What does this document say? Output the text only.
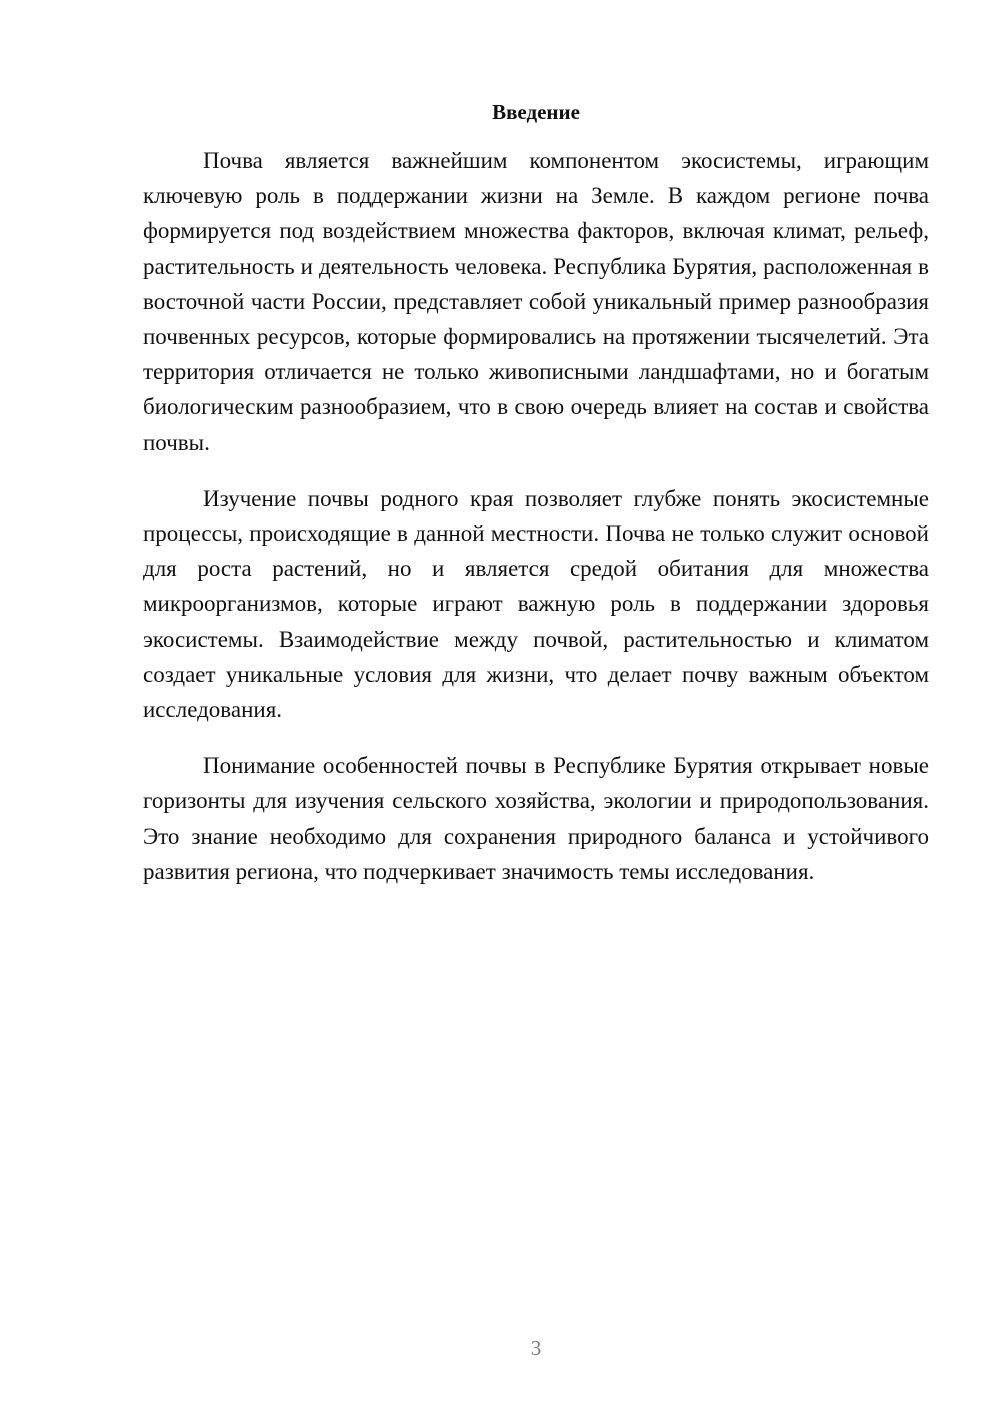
Введение

Почва является важнейшим компонентом экосистемы, играющим ключевую роль в поддержании жизни на Земле. В каждом регионе почва формируется под воздействием множества факторов, включая климат, рельеф, растительность и деятельность человека. Республика Бурятия, расположенная в восточной части России, представляет собой уникальный пример разнообразия почвенных ресурсов, которые формировались на протяжении тысячелетий. Эта территория отличается не только живописными ландшафтами, но и богатым биологическим разнообразием, что в свою очередь влияет на состав и свойства почвы.

Изучение почвы родного края позволяет глубже понять экосистемные процессы, происходящие в данной местности. Почва не только служит основой для роста растений, но и является средой обитания для множества микроорганизмов, которые играют важную роль в поддержании здоровья экосистемы. Взаимодействие между почвой, растительностью и климатом создает уникальные условия для жизни, что делает почву важным объектом исследования.

Понимание особенностей почвы в Республике Бурятия открывает новые горизонты для изучения сельского хозяйства, экологии и природопользования. Это знание необходимо для сохранения природного баланса и устойчивого развития региона, что подчеркивает значимость темы исследования.

3
